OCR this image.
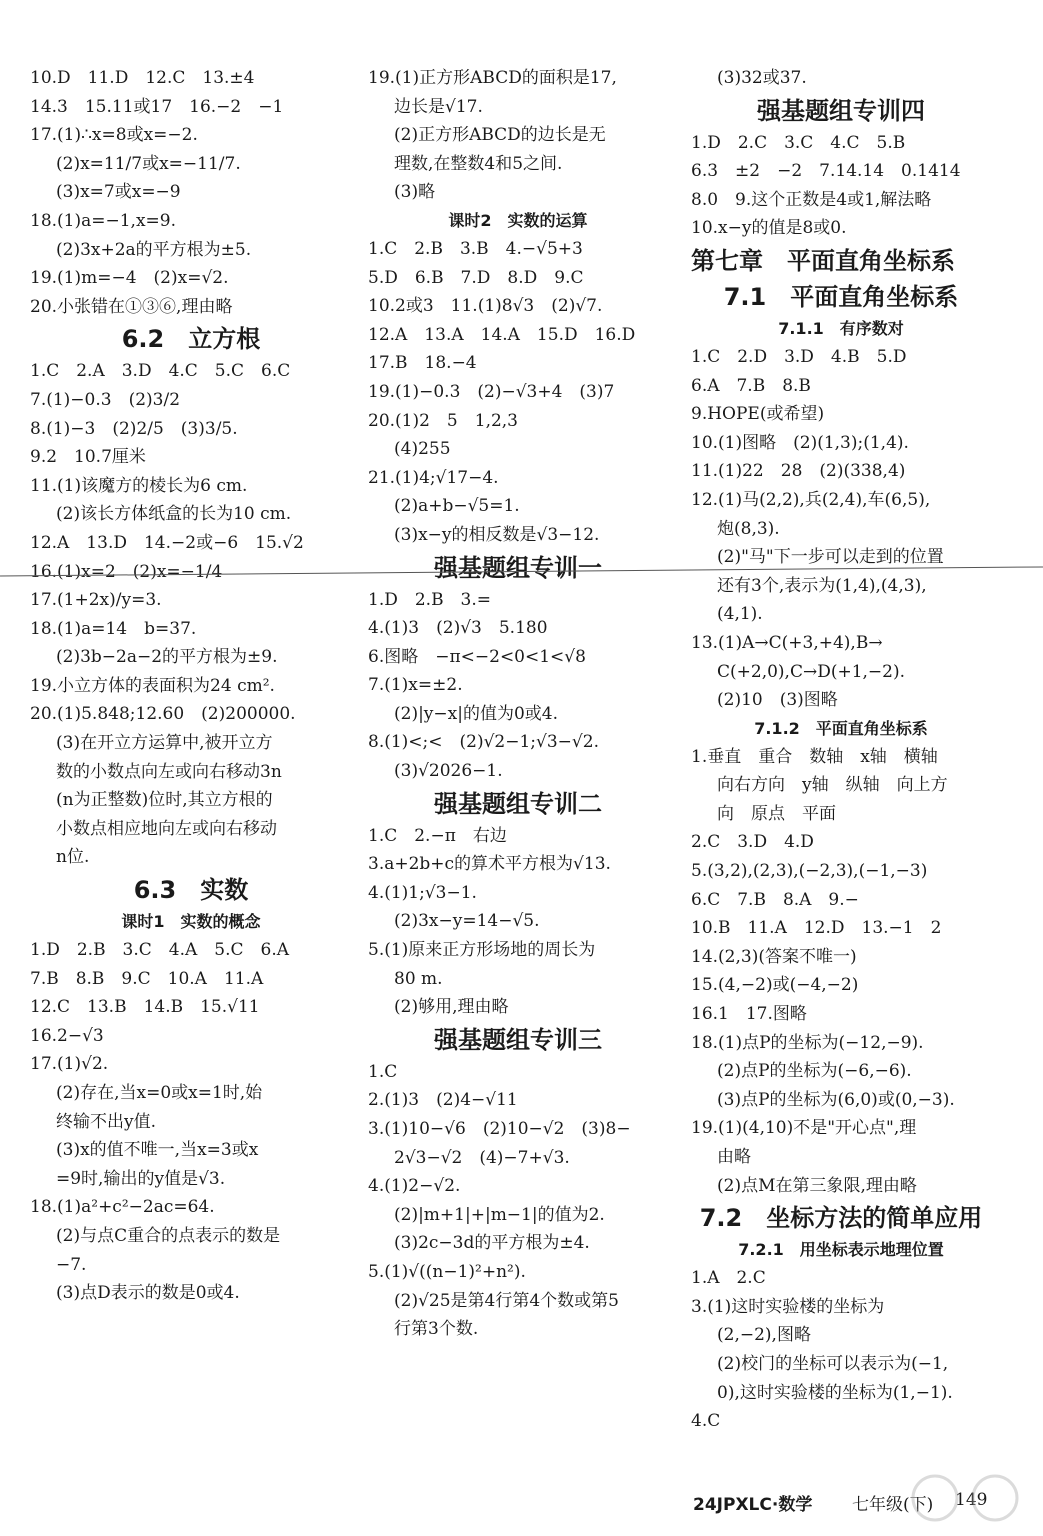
10.D　11.D　12.C　13.±4
14.3　15.11或17　16.−2　−1
17.(1)∴x=8或x=−2.
(2)x=11/7或x=−11/7.
(3)x=7或x=−9
18.(1)a=−1,x=9.
(2)3x+2a的平方根为±5.
19.(1)m=−4　(2)x=√2.
20.小张错在①③⑥,理由略
6.2　立方根
1.C　2.A　3.D　4.C　5.C　6.C
7.(1)−0.3　(2)3/2
8.(1)−3　(2)2/5　(3)3/5.
9.2　10.7厘米
11.(1)该魔方的棱长为6 cm.
(2)该长方体纸盒的长为10 cm.
12.A　13.D　14.−2或−6　15.√2
16.(1)x=2　(2)x=−1/4
17.(1+2x)/y=3.
18.(1)a=14　b=37.
(2)3b−2a−2的平方根为±9.
19.小立方体的表面积为24 cm².
20.(1)5.848;12.60　(2)200000.
(3)在开立方运算中,被开立方
数的小数点向左或向右移动3n
(n为正整数)位时,其立方根的
小数点相应地向左或向右移动
n位.
6.3　实数
课时1　实数的概念
1.D　2.B　3.C　4.A　5.C　6.A
7.B　8.B　9.C　10.A　11.A
12.C　13.B　14.B　15.√11
16.2−√3
17.(1)√2.
(2)存在,当x=0或x=1时,始
终输不出y值.
(3)x的值不唯一,当x=3或x
=9时,输出的y值是√3.
18.(1)a²+c²−2ac=64.
(2)与点C重合的点表示的数是
−7.
(3)点D表示的数是0或4.
19.(1)正方形ABCD的面积是17,
边长是√17.
(2)正方形ABCD的边长是无
理数,在整数4和5之间.
(3)略
课时2　实数的运算
1.C　2.B　3.B　4.−√5+3
5.D　6.B　7.D　8.D　9.C
10.2或3　11.(1)8√3　(2)√7.
12.A　13.A　14.A　15.D　16.D
17.B　18.−4
19.(1)−0.3　(2)−√3+4　(3)7
20.(1)2　5　1,2,3
(4)255
21.(1)4;√17−4.
(2)a+b−√5=1.
(3)x−y的相反数是√3−12.
强基题组专训一
1.D　2.B　3.=
4.(1)3　(2)√3　5.180
6.图略　−π<−2<0<1<√8
7.(1)x=±2.
(2)|y−x|的值为0或4.
8.(1)<;<　(2)√2−1;√3−√2.
(3)√2026−1.
强基题组专训二
1.C　2.−π　右边
3.a+2b+c的算术平方根为√13.
4.(1)1;√3−1.
(2)3x−y=14−√5.
5.(1)原来正方形场地的周长为
80 m.
(2)够用,理由略
强基题组专训三
1.C
2.(1)3　(2)4−√11
3.(1)10−√6　(2)10−√2　(3)8−
2√3−√2　(4)−7+√3.
4.(1)2−√2.
(2)|m+1|+|m−1|的值为2.
(3)2c−3d的平方根为±4.
5.(1)√((n−1)²+n²).
(2)√25是第4行第4个数或第5
行第3个数.
(3)32或37.
强基题组专训四
1.D　2.C　3.C　4.C　5.B
6.3　±2　−2　7.14.14　0.1414
8.0　9.这个正数是4或1,解法略
10.x−y的值是8或0.
第七章　平面直角坐标系
7.1　平面直角坐标系
7.1.1　有序数对
1.C　2.D　3.D　4.B　5.D
6.A　7.B　8.B
9.HOPE(或希望)
10.(1)图略　(2)(1,3);(1,4).
11.(1)22　28　(2)(338,4)
12.(1)马(2,2),兵(2,4),车(6,5),
炮(8,3).
(2)"马"下一步可以走到的位置
还有3个,表示为(1,4),(4,3),
(4,1).
13.(1)A→C(+3,+4),B→
C(+2,0),C→D(+1,−2).
(2)10　(3)图略
7.1.2　平面直角坐标系
1.垂直　重合　数轴　x轴　横轴
向右方向　y轴　纵轴　向上方
向　原点　平面
2.C　3.D　4.D
5.(3,2),(2,3),(−2,3),(−1,−3)
6.C　7.B　8.A　9.−
10.B　11.A　12.D　13.−1　2
14.(2,3)(答案不唯一)
15.(4,−2)或(−4,−2)
16.1　17.图略
18.(1)点P的坐标为(−12,−9).
(2)点P的坐标为(−6,−6).
(3)点P的坐标为(6,0)或(0,−3).
19.(1)(4,10)不是"开心点",理
由略
(2)点M在第三象限,理由略
7.2　坐标方法的简单应用
7.2.1　用坐标表示地理位置
1.A　2.C
3.(1)这时实验楼的坐标为
(2,−2),图略
(2)校门的坐标可以表示为(−1,
0),这时实验楼的坐标为(1,−1).
4.C
24JPXLC·数学 七年级(下) 149
